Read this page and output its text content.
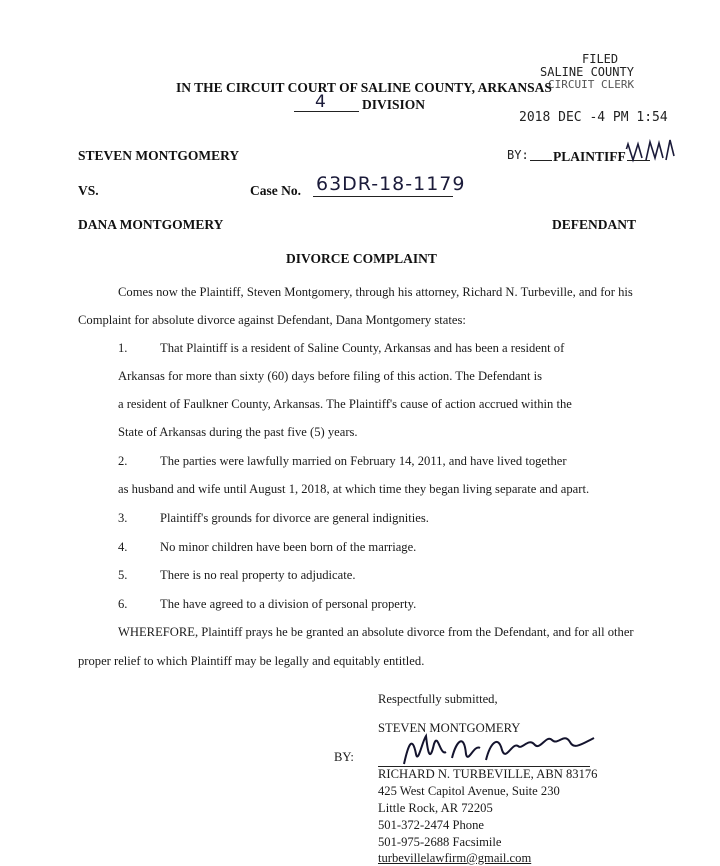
FILED
SALINE COUNTY
CIRCUIT CLERK
2018 DEC -4 PM 1:54
BY:
IN THE CIRCUIT COURT OF SALINE COUNTY, ARKANSAS
4	DIVISION
STEVEN MONTGOMERY	PLAINTIFF
VS.	Case No. 63DR-18-1179
DANA MONTGOMERY	DEFENDANT
DIVORCE COMPLAINT
Comes now the Plaintiff, Steven Montgomery, through his attorney, Richard N. Turbeville, and for his
Complaint for absolute divorce against Defendant, Dana Montgomery states:
1.	That Plaintiff is a resident of Saline County, Arkansas and has been a resident of
Arkansas for more than sixty (60) days before filing of this action. The Defendant is
a resident of Faulkner County, Arkansas. The Plaintiff's cause of action accrued within the
State of Arkansas during the past five (5) years.
2.	The parties were lawfully married on February 14, 2011, and have lived together
as husband and wife until August 1, 2018, at which time they began living separate and apart.
3.	Plaintiff's grounds for divorce are general indignities.
4.	No minor children have been born of the marriage.
5.	There is no real property to adjudicate.
6.	The have agreed to a division of personal property.
WHEREFORE, Plaintiff prays he be granted an absolute divorce from the Defendant, and for all other
proper relief to which Plaintiff may be legally and equitably entitled.
Respectfully submitted,
STEVEN MONTGOMERY
BY:
RICHARD N. TURBEVILLE, ABN 83176
425 West Capitol Avenue, Suite 230
Little Rock, AR 72205
501-372-2474 Phone
501-975-2688 Facsimile
turbevillelawfirm@gmail.com
